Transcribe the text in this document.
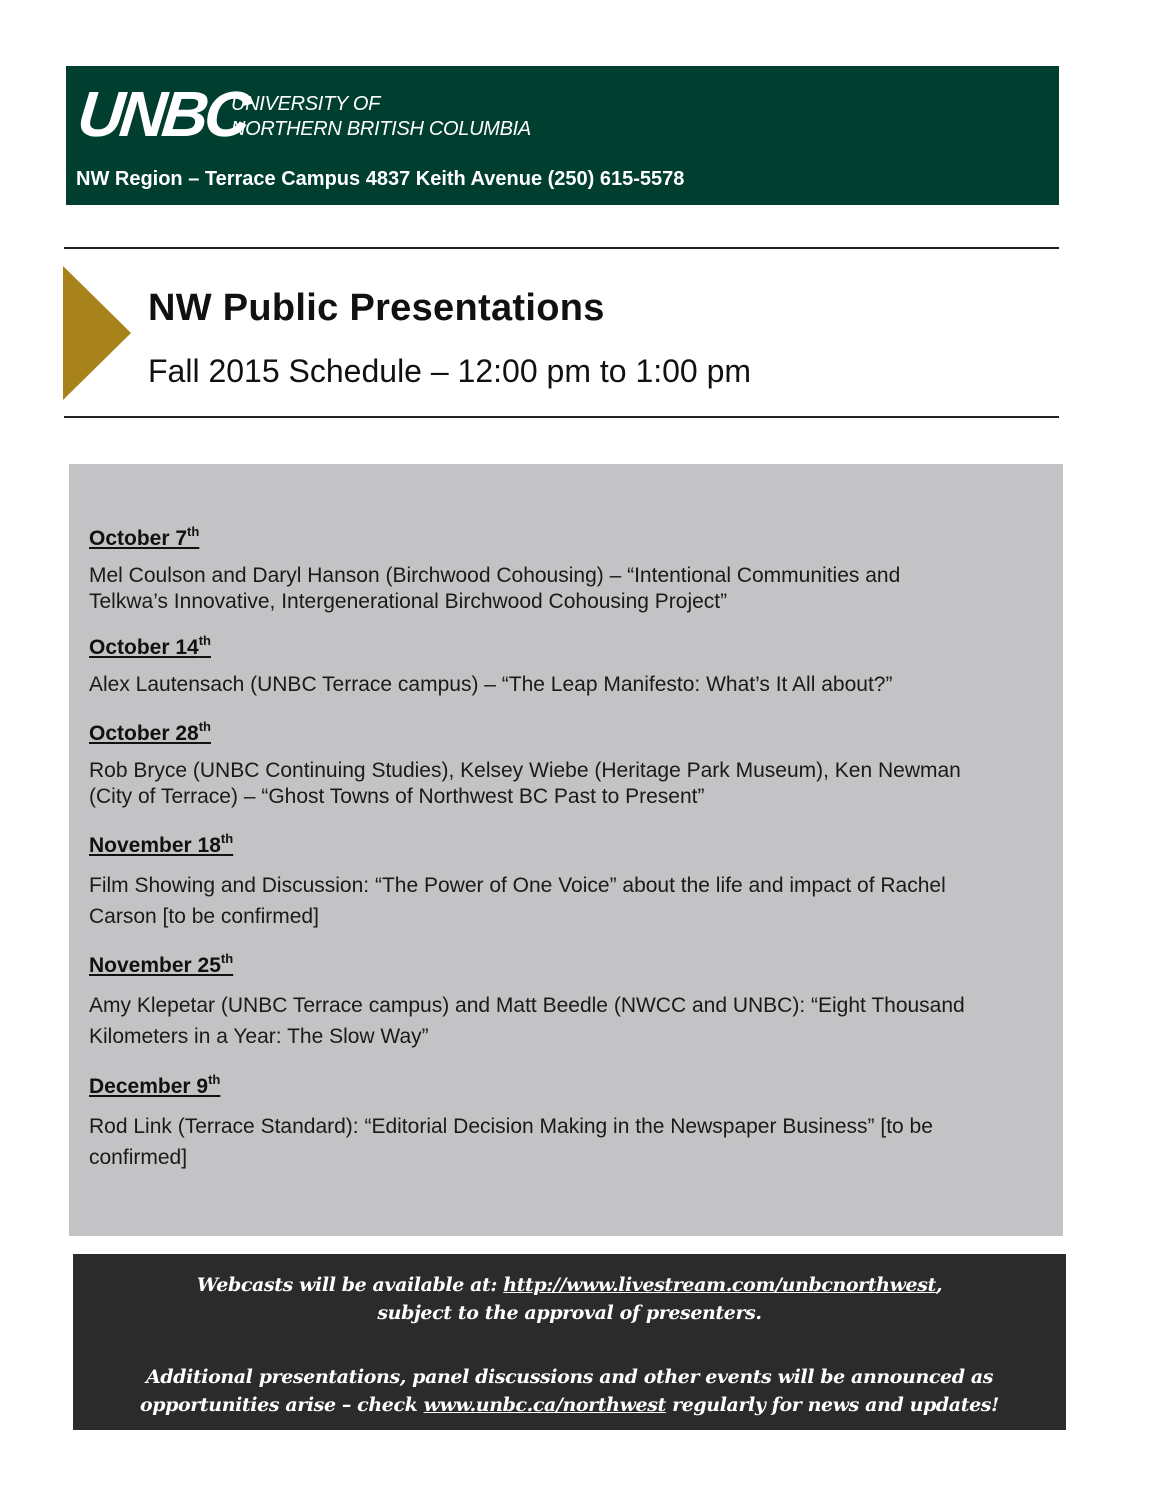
UNBC
UNIVERSITY OF
NORTHERN BRITISH COLUMBIA
NW Region – Terrace Campus 4837 Keith Avenue (250) 615-5578
NW Public Presentations
Fall 2015 Schedule – 12:00 pm to 1:00 pm
October 7th
Mel Coulson and Daryl Hanson (Birchwood Cohousing) – “Intentional Communities and
Telkwa’s Innovative, Intergenerational Birchwood Cohousing Project”
October 14th
Alex Lautensach (UNBC Terrace campus) – “The Leap Manifesto: What’s It All about?”
October 28th
Rob Bryce (UNBC Continuing Studies), Kelsey Wiebe (Heritage Park Museum), Ken Newman
(City of Terrace) – “Ghost Towns of Northwest BC Past to Present”
November 18th
Film Showing and Discussion: “The Power of One Voice” about the life and impact of Rachel
Carson [to be confirmed]
November 25th
Amy Klepetar (UNBC Terrace campus) and Matt Beedle (NWCC and UNBC): “Eight Thousand
Kilometers in a Year: The Slow Way”
December 9th
Rod Link (Terrace Standard): “Editorial Decision Making in the Newspaper Business” [to be
confirmed]
Webcasts will be available at: http://www.livestream.com/unbcnorthwest,
subject to the approval of presenters.
Additional presentations, panel discussions and other events will be announced as
opportunities arise – check www.unbc.ca/northwest regularly for news and updates!
